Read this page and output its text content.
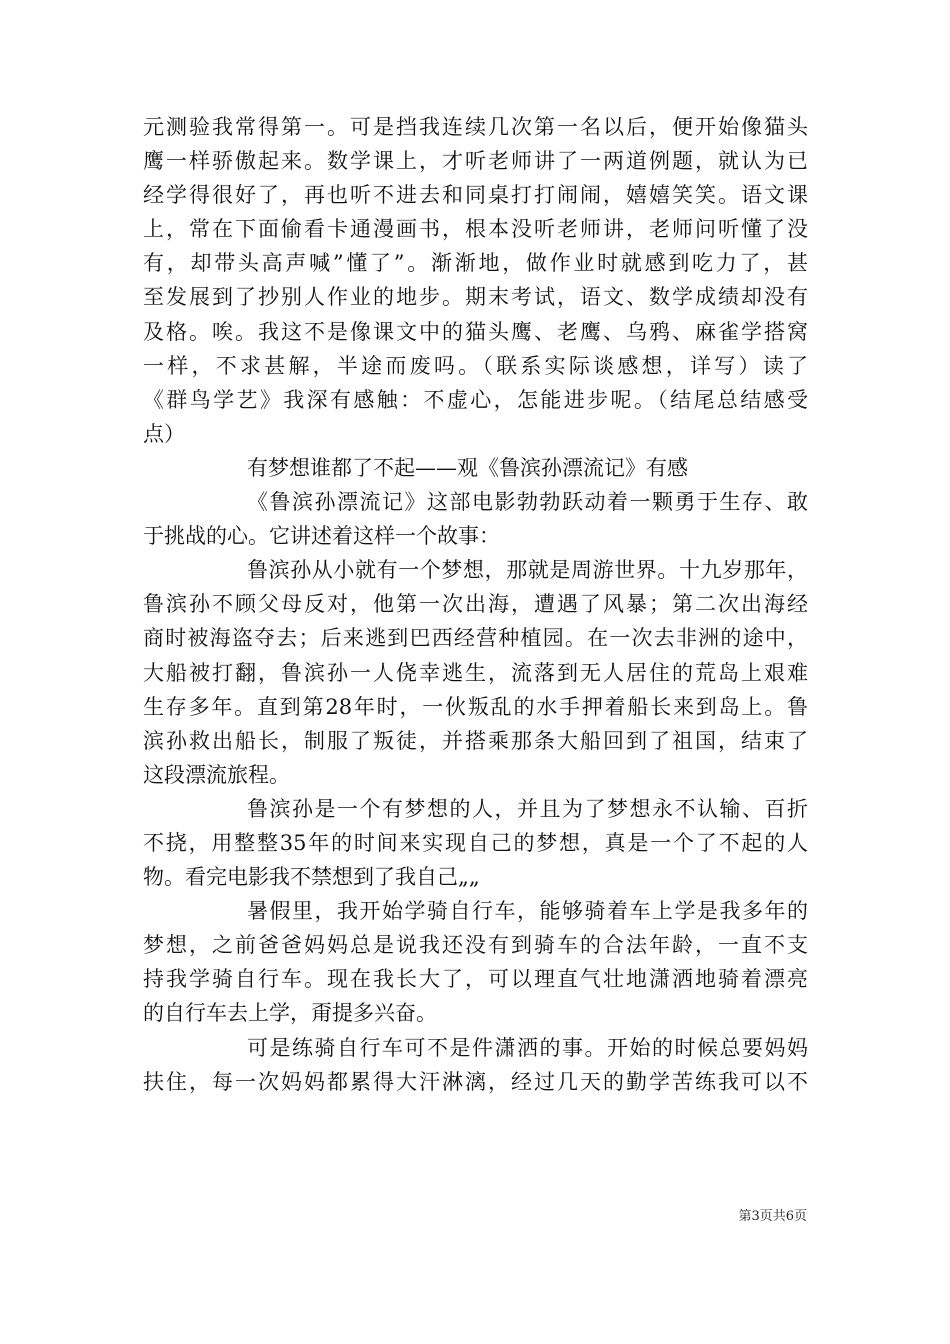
元测验我常得第一。可是挡我连续几次第一名以后，便开始像猫头
鹰一样骄傲起来。数学课上，才听老师讲了一两道例题，就认为已
经学得很好了，再也听不进去和同桌打打闹闹，嬉嬉笑笑。语文课
上，常在下面偷看卡通漫画书，根本没听老师讲，老师问听懂了没
有，却带头高声喊”懂了”。渐渐地，做作业时就感到吃力了，甚
至发展到了抄别人作业的地步。期末考试，语文、数学成绩却没有
及格。唉。我这不是像课文中的猫头鹰、老鹰、乌鸦、麻雀学搭窝
一样，不求甚解，半途而废吗。（联系实际谈感想，详写）读了
《群鸟学艺》我深有感触：不虚心，怎能进步呢。（结尾总结感受
点）
有梦想谁都了不起——观《鲁滨孙漂流记》有感
《鲁滨孙漂流记》这部电影勃勃跃动着一颗勇于生存、敢
于挑战的心。它讲述着这样一个故事：
鲁滨孙从小就有一个梦想，那就是周游世界。十九岁那年，
鲁滨孙不顾父母反对，他第一次出海，遭遇了风暴；第二次出海经
商时被海盗夺去；后来逃到巴西经营种植园。在一次去非洲的途中，
大船被打翻，鲁滨孙一人侥幸逃生，流落到无人居住的荒岛上艰难
生存多年。直到第28年时，一伙叛乱的水手押着船长来到岛上。鲁
滨孙救出船长，制服了叛徒，并搭乘那条大船回到了祖国，结束了
这段漂流旅程。
鲁滨孙是一个有梦想的人，并且为了梦想永不认输、百折
不挠，用整整35年的时间来实现自己的梦想，真是一个了不起的人
物。看完电影我不禁想到了我自己„„
暑假里，我开始学骑自行车，能够骑着车上学是我多年的
梦想，之前爸爸妈妈总是说我还没有到骑车的合法年龄，一直不支
持我学骑自行车。现在我长大了，可以理直气壮地潇洒地骑着漂亮
的自行车去上学，甭提多兴奋。
可是练骑自行车可不是件潇洒的事。开始的时候总要妈妈
扶住，每一次妈妈都累得大汗淋漓，经过几天的勤学苦练我可以不
第3页共6页
